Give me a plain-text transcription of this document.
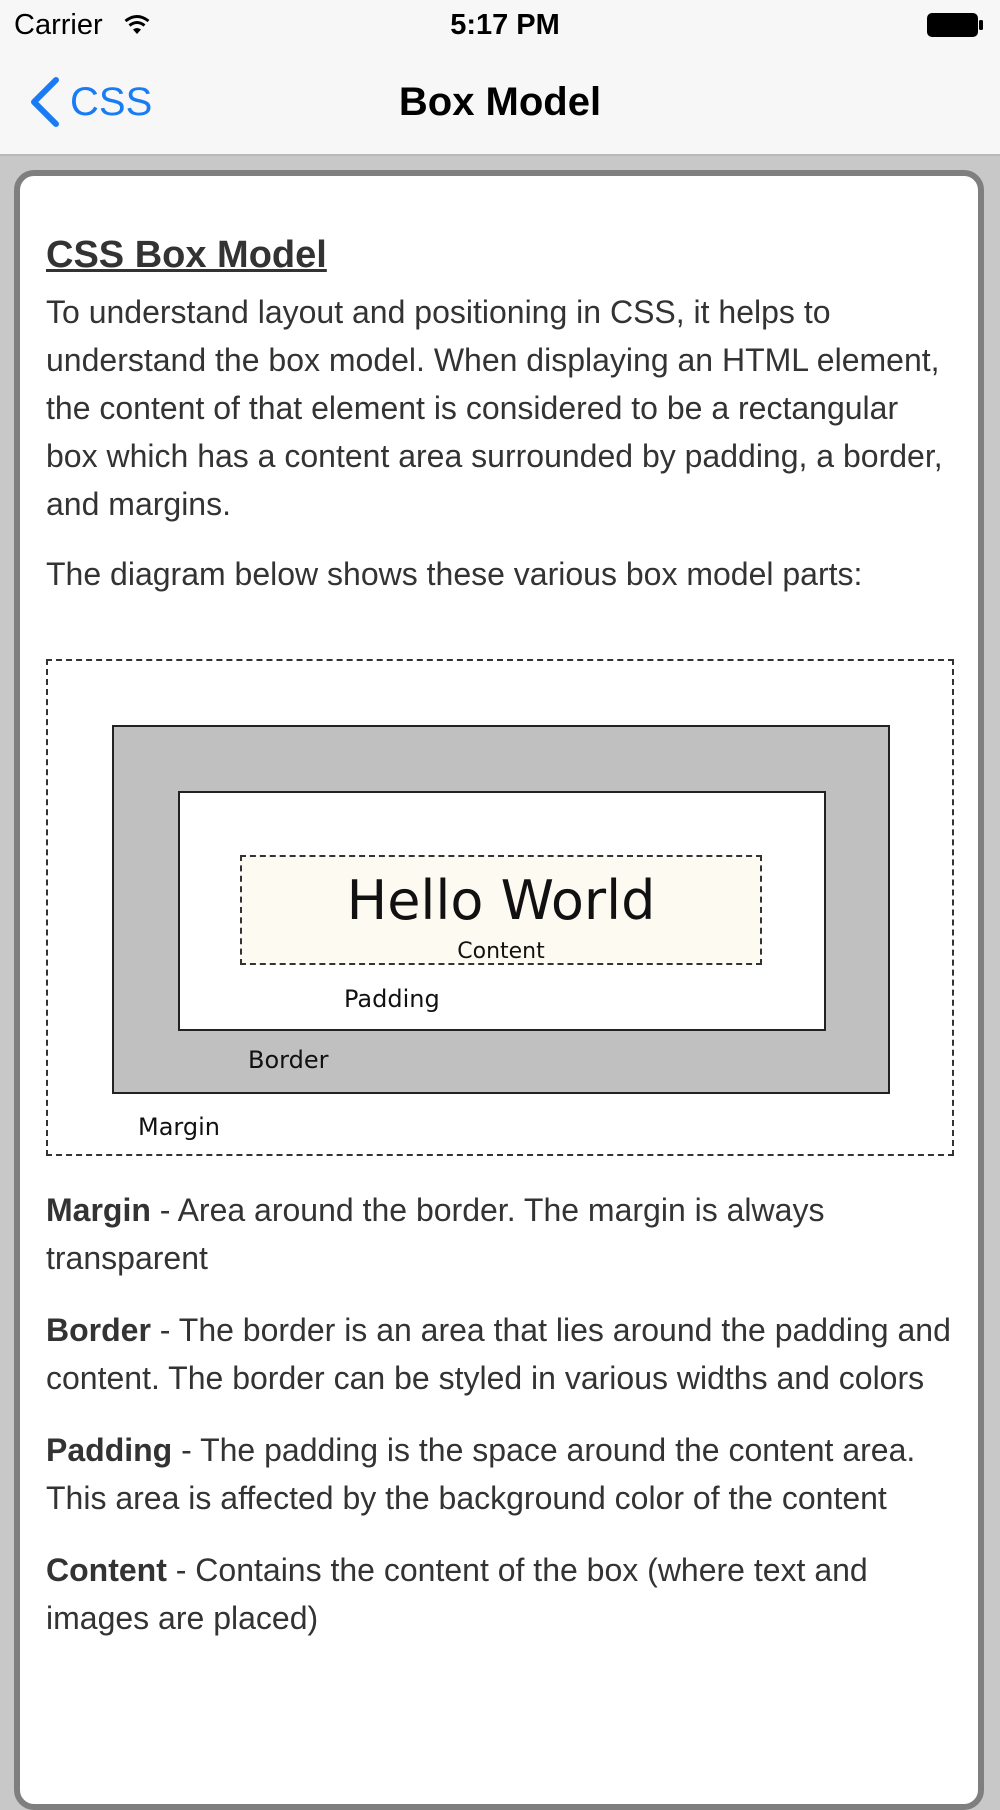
Carrier	5:17 PM
CSS	Box Model
CSS Box Model

To understand layout and positioning in CSS, it helps to understand the box model. When displaying an HTML element, the content of that element is considered to be a rectangular box which has a content area surrounded by padding, a border, and margins.

The diagram below shows these various box model parts:

Hello World
Content
Padding
Border
Margin

Margin - Area around the border. The margin is always transparent

Border - The border is an area that lies around the padding and content. The border can be styled in various widths and colors

Padding - The padding is the space around the content area. This area is affected by the background color of the content

Content - Contains the content of the box (where text and images are placed)
